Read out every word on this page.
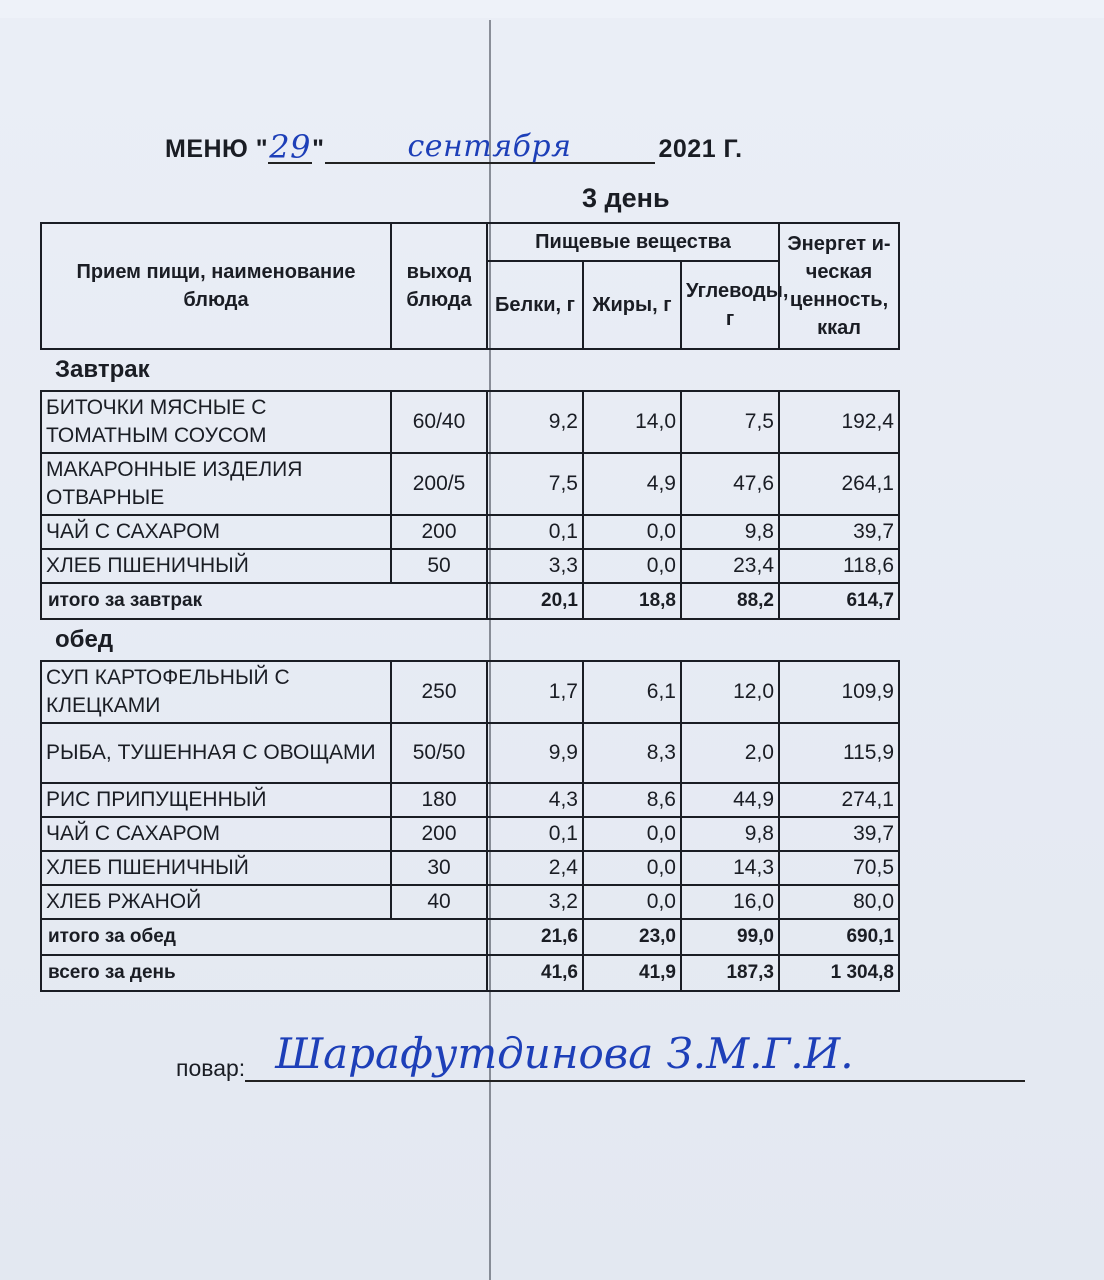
МЕНЮ " 29 "	сентября	2021 Г.
3 день
Прием пищи, наименование блюда	выход блюда	Пищевые вещества			Энергет и-ческая ценность, ккал
		Белки, г	Жиры, г	Углеводы, г	
Завтрак					
БИТОЧКИ МЯСНЫЕ С ТОМАТНЫМ СОУСОМ	60/40	9,2	14,0	7,5	192,4
МАКАРОННЫЕ ИЗДЕЛИЯ ОТВАРНЫЕ	200/5	7,5	4,9	47,6	264,1
ЧАЙ С САХАРОМ	200	0,1	0,0	9,8	39,7
ХЛЕБ ПШЕНИЧНЫЙ	50	3,3	0,0	23,4	118,6
итого за завтрак		20,1	18,8	88,2	614,7
обед					
СУП КАРТОФЕЛЬНЫЙ С КЛЕЦКАМИ	250	1,7	6,1	12,0	109,9
РЫБА, ТУШЕННАЯ С ОВОЩАМИ	50/50	9,9	8,3	2,0	115,9
РИС ПРИПУЩЕННЫЙ	180	4,3	8,6	44,9	274,1
ЧАЙ С САХАРОМ	200	0,1	0,0	9,8	39,7
ХЛЕБ ПШЕНИЧНЫЙ	30	2,4	0,0	14,3	70,5
ХЛЕБ РЖАНОЙ	40	3,2	0,0	16,0	80,0
итого за обед		21,6	23,0	99,0	690,1
всего за день		41,6	41,9	187,3	1 304,8
повар: Шарафутдинова З.М.Г.И.
